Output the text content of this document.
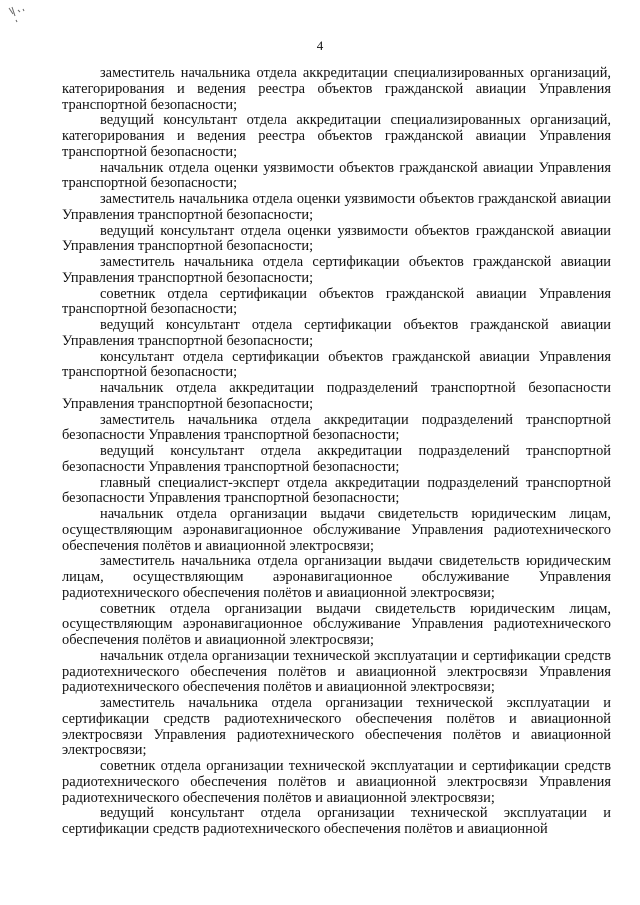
4

заместитель начальника отдела аккредитации специализированных организаций, категорирования и ведения реестра объектов гражданской авиации Управления транспортной безопасности;

ведущий консультант отдела аккредитации специализированных организаций, категорирования и ведения реестра объектов гражданской авиации Управления транспортной безопасности;

начальник отдела оценки уязвимости объектов гражданской авиации Управления транспортной безопасности;

заместитель начальника отдела оценки уязвимости объектов гражданской авиации Управления транспортной безопасности;

ведущий консультант отдела оценки уязвимости объектов гражданской авиации Управления транспортной безопасности;

заместитель начальника отдела сертификации объектов гражданской авиации Управления транспортной безопасности;

советник отдела сертификации объектов гражданской авиации Управления транспортной безопасности;

ведущий консультант отдела сертификации объектов гражданской авиации Управления транспортной безопасности;

консультант отдела сертификации объектов гражданской авиации Управления транспортной безопасности;

начальник отдела аккредитации подразделений транспортной безопасности Управления транспортной безопасности;

заместитель начальника отдела аккредитации подразделений транспортной безопасности Управления транспортной безопасности;

ведущий консультант отдела аккредитации подразделений транспортной безопасности Управления транспортной безопасности;

главный специалист-эксперт отдела аккредитации подразделений транспортной безопасности Управления транспортной безопасности;

начальник отдела организации выдачи свидетельств юридическим лицам, осуществляющим аэронавигационное обслуживание Управления радиотехнического обеспечения полётов и авиационной электросвязи;

заместитель начальника отдела организации выдачи свидетельств юридическим лицам, осуществляющим аэронавигационное обслуживание Управления радиотехнического обеспечения полётов и авиационной электросвязи;

советник отдела организации выдачи свидетельств юридическим лицам, осуществляющим аэронавигационное обслуживание Управления радиотехнического обеспечения полётов и авиационной электросвязи;

начальник отдела организации технической эксплуатации и сертификации средств радиотехнического обеспечения полётов и авиационной электросвязи Управления радиотехнического обеспечения полётов и авиационной электросвязи;

заместитель начальника отдела организации технической эксплуатации и сертификации средств радиотехнического обеспечения полётов и авиационной электросвязи Управления радиотехнического обеспечения полётов и авиационной электросвязи;

советник отдела организации технической эксплуатации и сертификации средств радиотехнического обеспечения полётов и авиационной электросвязи Управления радиотехнического обеспечения полётов и авиационной электросвязи;

ведущий консультант отдела организации технической эксплуатации и сертификации средств радиотехнического обеспечения полётов и авиационной
